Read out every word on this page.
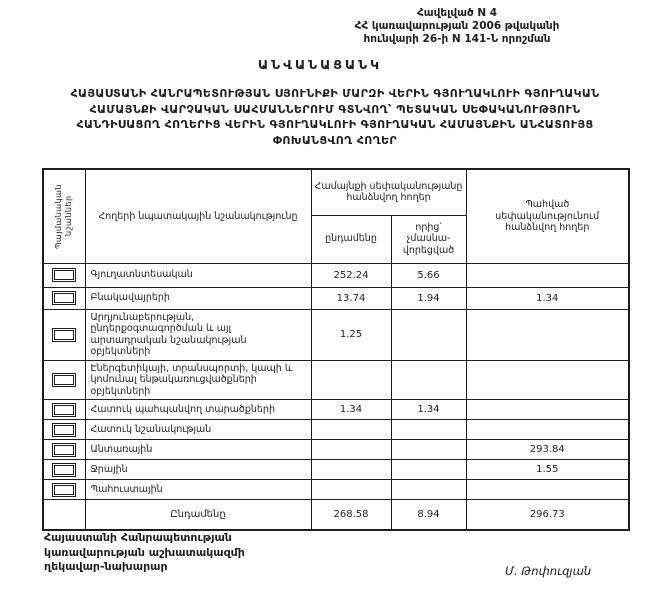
Հավելված N 4
ՀՀ կառավարության 2006 թվականի
հունվարի 26-ի N 141-Ն որոշման
ԱՆՎԱՆԱՑԱՆԿ
ՀԱՅԱՍՏԱՆԻ ՀԱՆՐԱՊԵՏՈՒԹՅԱՆ ՍՅՈՒՆԻՔԻ ՄԱՐԶԻ ՎԵՐԻՆ ԳՅՈՒՂԱԿԼՈՒԻ ԳՅՈՒՂԱԿԱՆ
ՀԱՄԱՅՆՔԻ ՎԱՐՉԱԿԱՆ ՍԱՀՄԱՆՆԵՐՈՒՄ ԳՏՆՎՈՂ՝ ՊԵՏԱԿԱՆ ՍԵՓԱԿԱՆՈՒԹՅՈՒՆ
ՀԱՆԴԻՍԱՑՈՂ ՀՈՂԵՐԻՑ ՎԵՐԻՆ ԳՅՈՒՂԱԿԼՈՒԻ ԳՅՈՒՂԱԿԱՆ ՀԱՄԱՅՆՔԻՆ ԱՆՀԱՏՈՒՅՑ
ՓՈԽԱՆՑՎՈՂ ՀՈՂԵՐ
Պայմանական նշաններ	Հողերի նպատակային նշանակությունը	Համայնքի սեփականությանը հանձնվող հողեր		Պահված սեփականությունում հանձնվող հողեր
		ընդամենը	որից՝ չմասնա-վորեցված	

	Գյուղատնտեսական	252.24	5.66	

	Բնակավայրերի	13.74	1.94	1.34

	Արդյունաբերության, ընդերքօգտագործման և այլ արտադրական նշանակության օբյեկտների	1.25		

	Էներգետիկայի, տրանսպորտի, կապի և կոմունալ ենթակառուցվածքների օբյեկտների			

	Հատուկ պահպանվող տարածքների	1.34	1.34	

	Հատուկ նշանակության			

	Անտառային			293.84

	Ջրային			1.55

	Պահուստային			
	Ընդամենը	268.58	8.94	296.73
Հայաստանի Հանրապետության
կառավարության աշխատակազմի
ղեկավար-նախարար	Մ. Թոփուզյան
